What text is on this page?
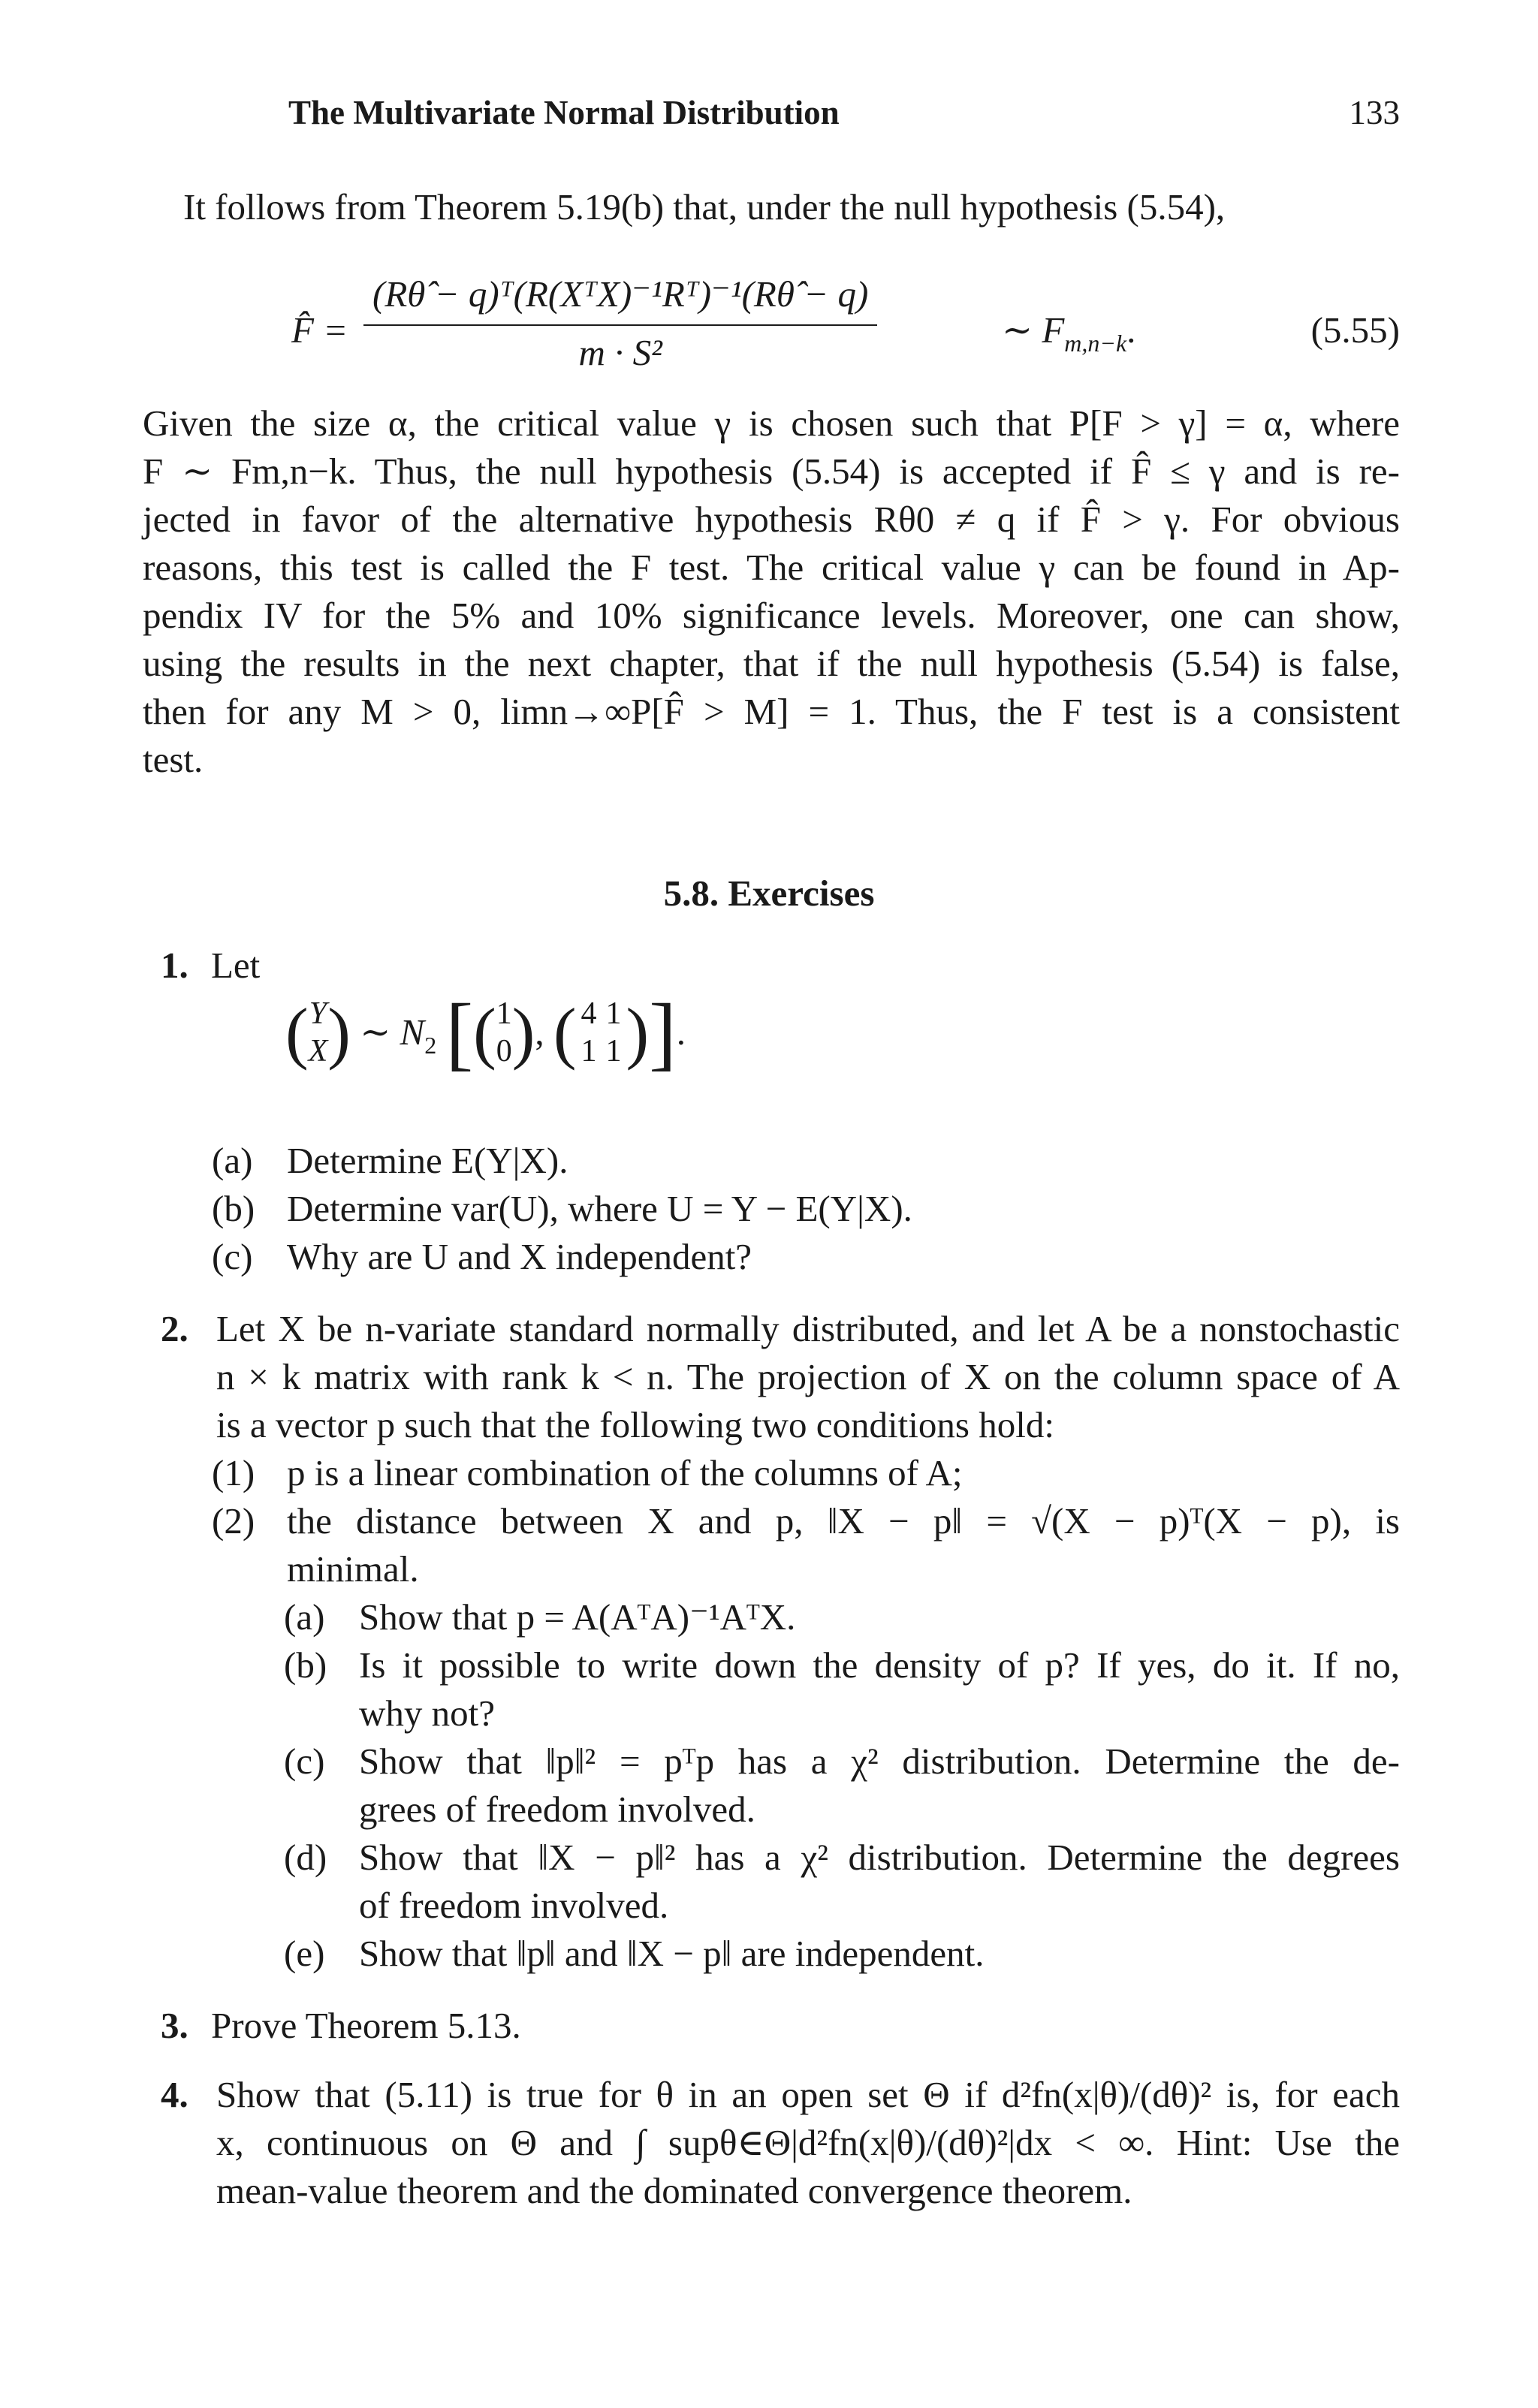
The Multivariate Normal Distribution	133
It follows from Theorem 5.19(b) that, under the null hypothesis (5.54),
F̂ = $\frac{\text{(Rθ̂ − q)ᵀ(R(XᵀX)⁻¹Rᵀ)⁻¹(Rθ̂ − q)}}{\text{m · S²}}$	∼ $F_{m,n-k}$.	(5.55)
Given the size α, the critical value γ is chosen such that P[F > γ] = α, where
F ∼ Fm,n−k. Thus, the null hypothesis (5.54) is accepted if F̂ ≤ γ and is re-
jected in favor of the alternative hypothesis Rθ0 ≠ q if F̂ > γ. For obvious
reasons, this test is called the F test. The critical value γ can be found in Ap-
pendix IV for the 5% and 10% significance levels. Moreover, one can show,
using the results in the next chapter, that if the null hypothesis (5.54) is false,
then for any M > 0, limn→∞P[F̂ > M] = 1. Thus, the F test is a consistent
test.
5.8. Exercises
1. Let
(Y
X) ∼ $N_2$ [(1
0), ( 4	1
1	1 )].
(a) Determine E(Y|X).
(b) Determine var(U), where U = Y − E(Y|X).
(c) Why are U and X independent?
2. Let X be n-variate standard normally distributed, and let A be a nonstochastic
n × k matrix with rank k < n. The projection of X on the column space of A
is a vector p such that the following two conditions hold:
(1) p is a linear combination of the columns of A;
(2) the distance between X and p, ‖X − p‖ = √(X − p)ᵀ(X − p), is
minimal.
(a) Show that p = A(AᵀA)⁻¹AᵀX.
(b) Is it possible to write down the density of p? If yes, do it. If no,
why not?
(c) Show that ‖p‖² = pᵀp has a χ² distribution. Determine the de-
grees of freedom involved.
(d) Show that ‖X − p‖² has a χ² distribution. Determine the degrees
of freedom involved.
(e) Show that ‖p‖ and ‖X − p‖ are independent.
3. Prove Theorem 5.13.
4. Show that (5.11) is true for θ in an open set Θ if d²fn(x|θ)/(dθ)² is, for each
x, continuous on Θ and ∫ supθ∈Θ|d²fn(x|θ)/(dθ)²|dx < ∞. Hint: Use the
mean-value theorem and the dominated convergence theorem.
